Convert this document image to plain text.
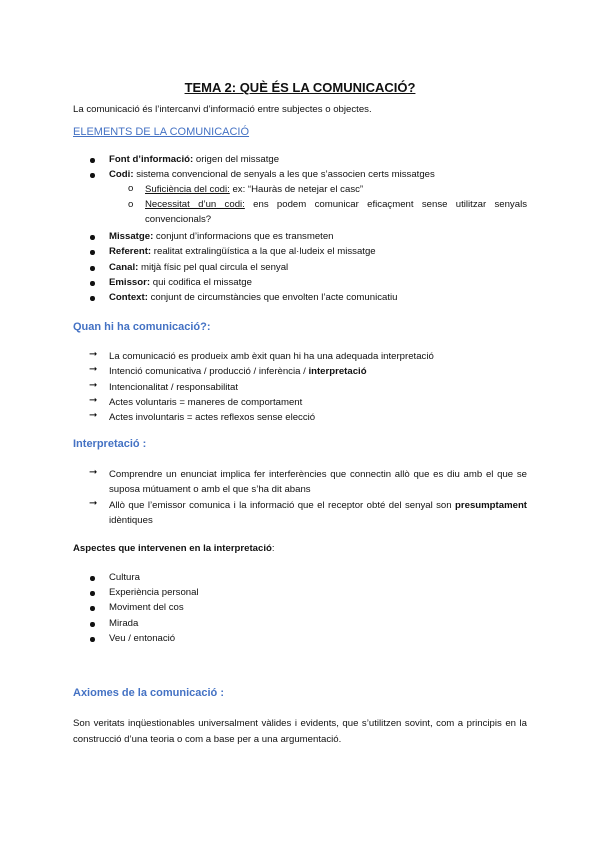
TEMA 2: QUÈ ÉS LA COMUNICACIÓ?
La comunicació és l’intercanvi d’informació entre subjectes o objectes.
ELEMENTS DE LA COMUNICACIÓ
Font d’informació: origen del missatge
Codi: sistema convencional de senyals a les que s’associen certs missatges
o Suficiència del codi: ex: “Hauràs de netejar el casc”
o Necessitat d’un codi: ens podem comunicar eficaçment sense utilitzar senyals convencionals?
Missatge: conjunt d’informacions que es transmeten
Referent: realitat extralingüística a la que al·ludeix el missatge
Canal: mitjà físic pel qual circula el senyal
Emissor: qui codifica el missatge
Context: conjunt de circumstàncies que envolten l’acte comunicatiu
Quan hi ha comunicació?:
➞ La comunicació es produeix amb èxit quan hi ha una adequada interpretació
➞ Intenció comunicativa / producció / inferència / interpretació
➞ Intencionalitat / responsabilitat
➞ Actes voluntaris = maneres de comportament
➞ Actes involuntaris = actes reflexos sense elecció
Interpretació :
➞ Comprendre un enunciat implica fer interferències que connectin allò que es diu amb el que se suposa mútuament o amb el que s’ha dit abans
➞ Allò que l’emissor comunica i la informació que el receptor obté del senyal son presumptament idèntiques
Aspectes que intervenen en la interpretació:
Cultura
Experiència personal
Moviment del cos
Mirada
Veu / entonació
Axiomes de la comunicació :
Son veritats inqüestionables universalment vàlides i evidents, que s’utilitzen sovint, com a principis en la construcció d’una teoria o com a base per a una argumentació.
